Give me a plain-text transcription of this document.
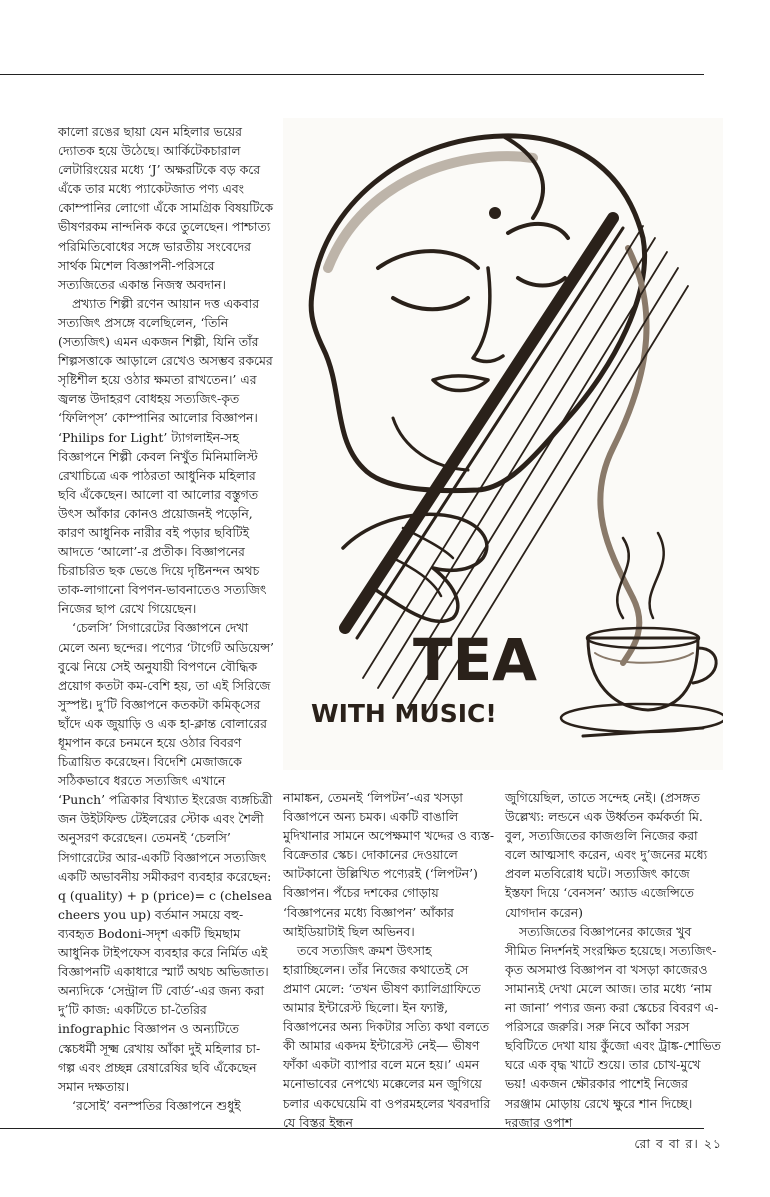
কালো রঙের ছায়া যেন মহিলার ভয়ের দ্যোতক হয়ে উঠেছে। আর্কিটেকচারাল লেটারিংয়ের মধ্যে ‘J’ অক্ষরটিকে বড় করে এঁকে তার মধ্যে প্যাকেটজাত পণ্য এবং কোম্পানির লোগো এঁকে সামগ্রিক বিষয়টিকে ভীষণরকম নান্দনিক করে তুলেছেন। পাশ্চাত্য পরিমিতিবোধের সঙ্গে ভারতীয় সংবেদের সার্থক মিশেল বিজ্ঞাপনী-পরিসরে সত্যজিতের একান্ত নিজস্ব অবদান।

প্রখ্যাত শিল্পী রণেন আয়ান দত্ত একবার সত্যজিৎ প্রসঙ্গে বলেছিলেন, ‘তিনি (সত্যজিৎ) এমন একজন শিল্পী, যিনি তাঁর শিল্পসত্তাকে আড়ালে রেখেও অসম্ভব রকমের সৃষ্টিশীল হয়ে ওঠার ক্ষমতা রাখতেন।’ এর জ্বলন্ত উদাহরণ বোধহয় সত্যজিৎ-কৃত ‘ফিলিপ্‌স’ কোম্পানির আলোর বিজ্ঞাপন। ‘Philips for Light’ ট্যাগলাইন-সহ বিজ্ঞাপনে শিল্পী কেবল নিখুঁত মিনিমালিস্ট রেখাচিত্রে এক পাঠরতা আধুনিক মহিলার ছবি এঁকেছেন। আলো বা আলোর বস্তুগত উৎস আঁকার কোনও প্রয়োজনই পড়েনি, কারণ আধুনিক নারীর বই পড়ার ছবিটিই আদতে ‘আলো’-র প্রতীক। বিজ্ঞাপনের চিরাচরিত ছক ভেঙে দিয়ে দৃষ্টিনন্দন অথচ তাক-লাগানো বিপণন-ভাবনাতেও সত্যজিৎ নিজের ছাপ রেখে গিয়েছেন।

‘চেলসি’ সিগারেটের বিজ্ঞাপনে দেখা মেলে অন্য ছন্দের। পণ্যের ‘টার্গেট অডিয়েন্স’ বুঝে নিয়ে সেই অনুযায়ী বিপণনে বৌদ্ধিক প্রয়োগ কতটা কম-বেশি হয়, তা এই সিরিজে সুস্পষ্ট। দু’টি বিজ্ঞাপনে কতকটা কমিক্‌সের ছাঁদে এক জুয়াড়ি ও এক হা-ক্লান্ত বোলারের ধূমপান করে চনমনে হয়ে ওঠার বিবরণ চিত্রায়িত করেছেন। বিদেশি মেজাজকে সঠিকভাবে ধরতে সত্যজিৎ এখানে ‘Punch’ পত্রিকার বিখ্যাত ইংরেজ ব্যঙ্গচিত্রী জন উইটফিল্ড টেইলরের স্টোক এবং শৈলী অনুসরণ করেছেন। তেমনই ‘চেলসি’ সিগারেটের আর-একটি বিজ্ঞাপনে সত্যজিৎ একটি অভাবনীয় সমীকরণ ব্যবহার করেছেন: q (quality) + p (price)= c (chelsea cheers you up) বর্তমান সময়ে বহু-ব্যবহৃত Bodoni-সদৃশ একটি ছিমছাম আধুনিক টাইপফেস ব্যবহার করে নির্মিত এই বিজ্ঞাপনটি একাধারে স্মার্ট অথচ অভিজাত। অন্যদিকে ‘সেন্ট্রাল টি বোর্ড’-এর জন্য করা দু’টি কাজ: একটিতে চা-তৈরির infographic বিজ্ঞাপন ও অন্যটিতে স্কেচধর্মী সূক্ষ্ম রেখায় আঁকা দুই মহিলার চা-গল্প এবং প্রচ্ছন্ন রেষারেষির ছবি এঁকেছেন সমান দক্ষতায়।

‘রসোই’ বনস্পতির বিজ্ঞাপনে শুধুই

TEA
WITH MUSIC!

নামাঙ্কন, তেমনই ‘লিপটন’-এর খসড়া বিজ্ঞাপনে অন্য চমক। একটি বাঙালি মুদিখানার সামনে অপেক্ষমাণ খদ্দের ও ব্যস্ত-বিক্রেতার স্কেচ। দোকানের দেওয়ালে আটকানো উল্লিখিত পণ্যেরই (‘লিপটন’) বিজ্ঞাপন। পঁচের দশকের গোড়ায় ‘বিজ্ঞাপনের মধ্যে বিজ্ঞাপন’ আঁকার আইডিয়াটাই ছিল অভিনব।

তবে সত্যজিৎ ক্রমশ উৎসাহ হারাচ্ছিলেন। তাঁর নিজের কথাতেই সে প্রমাণ মেলে: ‘তখন ভীষণ ক্যালিগ্রাফিতে আমার ইন্টারেস্ট ছিলো। ইন ফ্যাক্ট, বিজ্ঞাপনের অন্য দিকটার সত্যি কথা বলতে কী আমার একদম ইন্টারেস্ট নেই— ভীষণ ফাঁকা একটা ব্যাপার বলে মনে হয়।’ এমন মনোভাবের নেপথ্যে মক্কেলের মন জুগিয়ে চলার একঘেয়েমি বা ওপরমহলের খবরদারি যে বিস্তর ইন্ধন

জুগিয়েছিল, তাতে সন্দেহ নেই। (প্রসঙ্গত উল্লেখ্য: লন্ডনে এক উর্ধ্বতন কর্মকর্তা মি. বুল, সত্যজিতের কাজগুলি নিজের করা বলে আত্মসাৎ করেন, এবং দু’জনের মধ্যে প্রবল মতবিরোধ ঘটে। সত্যজিৎ কাজে ইস্তফা দিয়ে ‘বেনসন’ অ্যাড এজেন্সিতে যোগদান করেন)

সত্যজিতের বিজ্ঞাপনের কাজের খুব সীমিত নিদর্শনই সংরক্ষিত হয়েছে। সত্যজিৎ-কৃত অসমাপ্ত বিজ্ঞাপন বা খসড়া কাজেরও সামান্যই দেখা মেলে আজ। তার মধ্যে ‘নাম না জানা’ পণ্যর জন্য করা স্কেচের বিবরণ এ-পরিসরে জরুরি। সরু নিবে আঁকা সরস ছবিটিতে দেখা যায় কুঁজো এবং ট্রাঙ্ক-শোভিত ঘরে এক বৃদ্ধ খাটে শুয়ে। তার চোখ-মুখে ভয়! একজন ক্ষৌরকার পাশেই নিজের সরঞ্জাম মোড়ায় রেখে ক্ষুরে শান দিচ্ছে। দরজার ওপাশ

রো ব বা র। ২১
